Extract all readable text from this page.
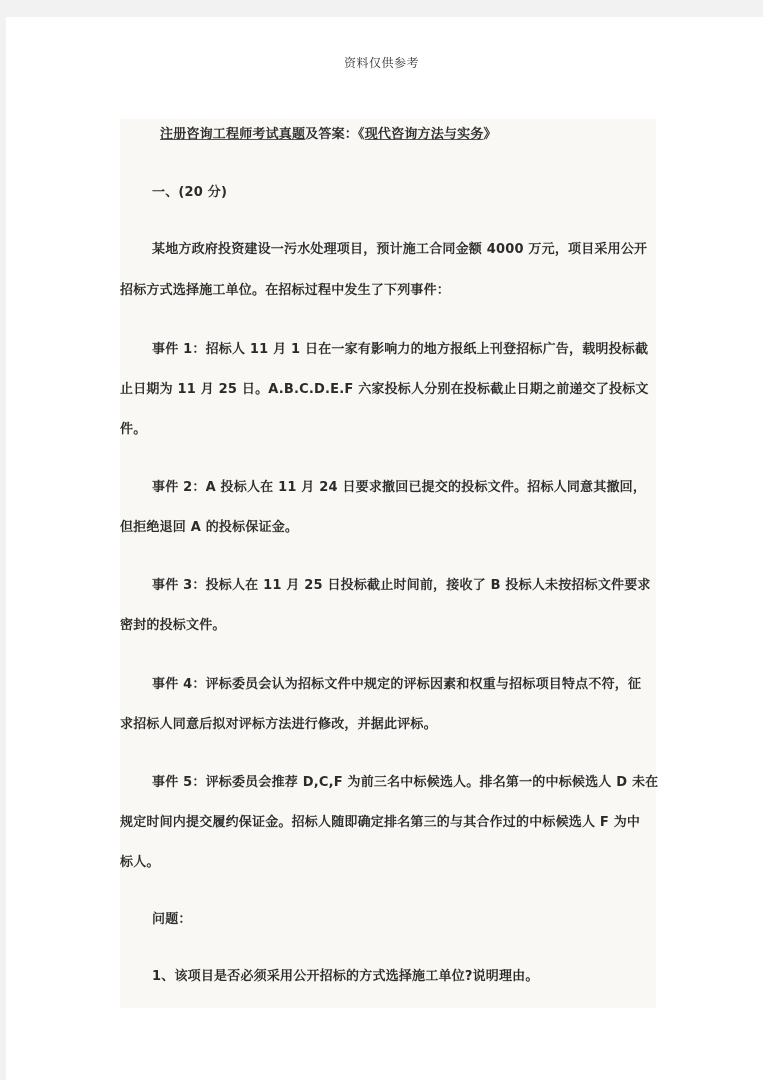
资料仅供参考
注册咨询工程师考试真题及答案：《现代咨询方法与实务》
一、(20 分)
某地方政府投资建设一污水处理项目，预计施工合同金额 4000 万元，项目采用公开
招标方式选择施工单位。在招标过程中发生了下列事件：
事件 1：招标人 11 月 1 日在一家有影响力的地方报纸上刊登招标广告，载明投标截
止日期为 11 月 25 日。A.B.C.D.E.F 六家投标人分别在投标截止日期之前递交了投标文
件。
事件 2：A 投标人在 11 月 24 日要求撤回已提交的投标文件。招标人同意其撤回，
但拒绝退回 A 的投标保证金。
事件 3：投标人在 11 月 25 日投标截止时间前，接收了 B 投标人未按招标文件要求
密封的投标文件。
事件 4：评标委员会认为招标文件中规定的评标因素和权重与招标项目特点不符，征
求招标人同意后拟对评标方法进行修改，并据此评标。
事件 5：评标委员会推荐 D,C,F 为前三名中标候选人。排名第一的中标候选人 D 未在
规定时间内提交履约保证金。招标人随即确定排名第三的与其合作过的中标候选人 F 为中
标人。
问题：
1、该项目是否必须采用公开招标的方式选择施工单位?说明理由。
